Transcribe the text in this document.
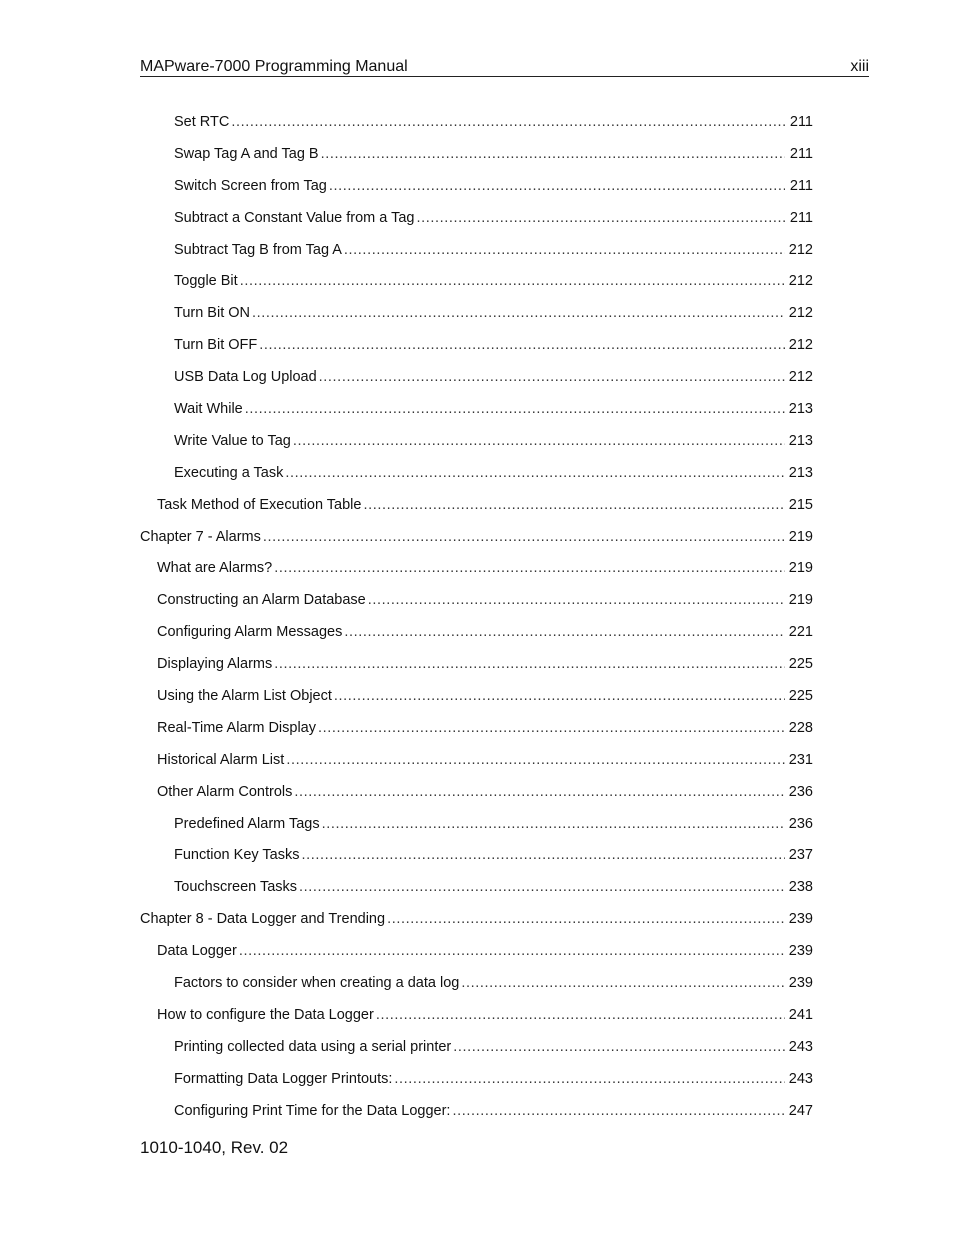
MAPware-7000 Programming Manual	xiii
Set RTC .....	211
Swap Tag A and Tag B .....	211
Switch Screen from Tag .....	211
Subtract a Constant Value from a Tag .....	211
Subtract Tag B from Tag A .....	212
Toggle Bit .....	212
Turn Bit ON .....	212
Turn Bit OFF .....	212
USB Data Log Upload .....	212
Wait While .....	213
Write Value to Tag .....	213
Executing a Task .....	213
Task Method of Execution Table .....	215
Chapter 7 - Alarms .....	219
What are Alarms? .....	219
Constructing an Alarm Database .....	219
Configuring Alarm Messages .....	221
Displaying Alarms .....	225
Using the Alarm List Object .....	225
Real-Time Alarm Display .....	228
Historical Alarm List .....	231
Other Alarm Controls .....	236
Predefined Alarm Tags .....	236
Function Key Tasks .....	237
Touchscreen Tasks .....	238
Chapter 8 - Data Logger and Trending .....	239
Data Logger .....	239
Factors to consider when creating a data log .....	239
How to configure the Data Logger .....	241
Printing collected data using a serial printer .....	243
Formatting Data Logger Printouts: .....	243
Configuring Print Time for the Data Logger: .....	247
1010-1040, Rev. 02
